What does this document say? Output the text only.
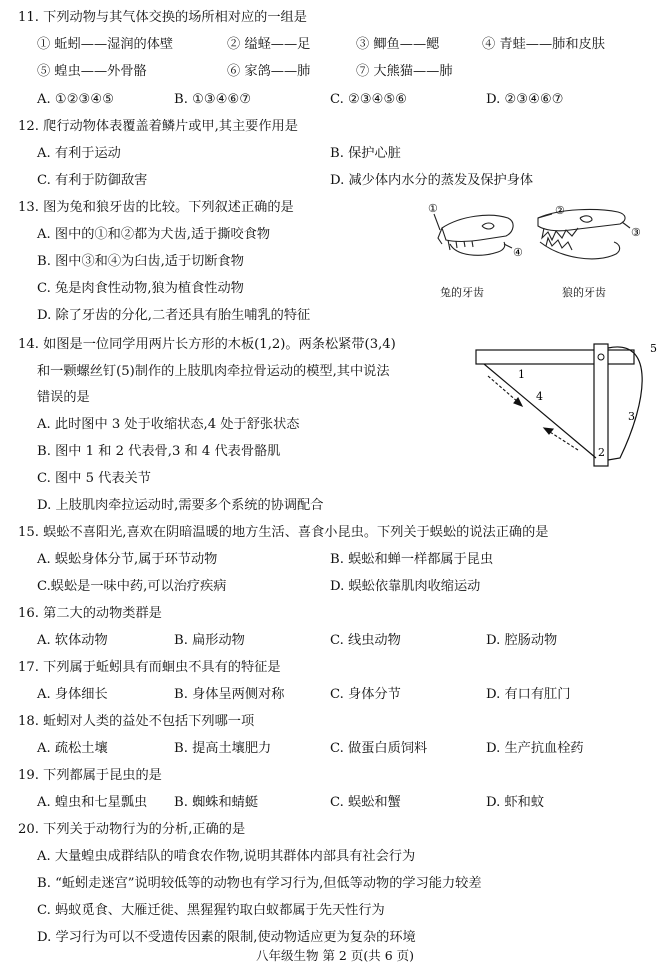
11. 下列动物与其气体交换的场所相对应的一组是
① 蚯蚓——湿润的体壁	② 缢蛏——足	③ 鲫鱼——鳃	④ 青蛙——肺和皮肤
⑤ 蝗虫——外骨骼	⑥ 家鸽——肺	⑦ 大熊猫——肺
A. ①②③④⑤	B. ①③④⑥⑦	C. ②③④⑤⑥	D. ②③④⑥⑦
12. 爬行动物体表覆盖着鳞片或甲,其主要作用是
A. 有利于运动	B. 保护心脏
C. 有利于防御敌害	D. 减少体内水分的蒸发及保护身体
13. 图为兔和狼牙齿的比较。下列叙述正确的是
A. 图中的①和②都为犬齿,适于撕咬食物
B. 图中③和④为臼齿,适于切断食物
C. 兔是肉食性动物,狼为植食性动物
D. 除了牙齿的分化,二者还具有胎生哺乳的特征
①
④
②
③
兔的牙齿	狼的牙齿
14. 如图是一位同学用两片长方形的木板(1,2)。两条松紧带(3,4)
和一颗螺丝钉(5)制作的上肢肌肉牵拉骨运动的模型,其中说法
错误的是
A. 此时图中 3 处于收缩状态,4 处于舒张状态
B. 图中 1 和 2 代表骨,3 和 4 代表骨骼肌
C. 图中 5 代表关节
D. 上肢肌肉牵拉运动时,需要多个系统的协调配合
1
2
3
4
5
15. 蜈蚣不喜阳光,喜欢在阴暗温暖的地方生活、喜食小昆虫。下列关于蜈蚣的说法正确的是
A. 蜈蚣身体分节,属于环节动物	B. 蜈蚣和蝉一样都属于昆虫
C.蜈蚣是一味中药,可以治疗疾病	D. 蜈蚣依靠肌肉收缩运动
16. 第二大的动物类群是
A. 软体动物	B. 扁形动物	C. 线虫动物	D. 腔肠动物
17. 下列属于蚯蚓具有而蛔虫不具有的特征是
A. 身体细长	B. 身体呈两侧对称	C. 身体分节	D. 有口有肛门
18. 蚯蚓对人类的益处不包括下列哪一项
A. 疏松土壤	B. 提高土壤肥力	C. 做蛋白质饲料	D. 生产抗血栓药
19. 下列都属于昆虫的是
A. 蝗虫和七星瓢虫 B. 蜘蛛和蜻蜓	C. 蜈蚣和蟹	D. 虾和蚊
20. 下列关于动物行为的分析,正确的是
A. 大量蝗虫成群结队的啃食农作物,说明其群体内部具有社会行为
B. “蚯蚓走迷宫”说明较低等的动物也有学习行为,但低等动物的学习能力较差
C. 蚂蚁觅食、大雁迁徙、黑猩猩钓取白蚁都属于先天性行为
D. 学习行为可以不受遗传因素的限制,使动物适应更为复杂的环境
八年级生物 第 2 页(共 6 页)
